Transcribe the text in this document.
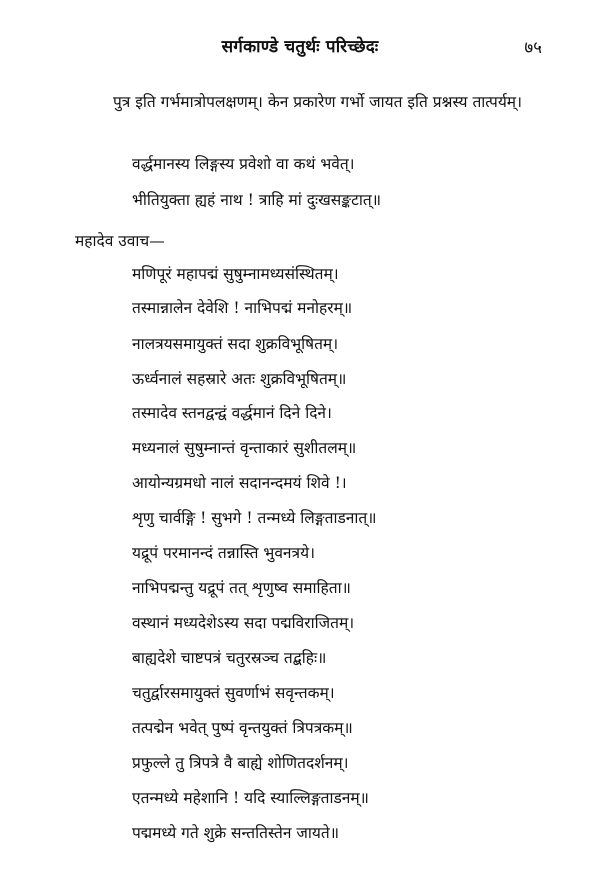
सर्गकाण्डे चतुर्थः परिच्छेदः	७५
पुत्र इति गर्भमात्रोपलक्षणम्। केन प्रकारेण गर्भो जायत इति प्रश्नस्य तात्पर्यम्।
वर्द्धमानस्य लिङ्गस्य प्रवेशो वा कथं भवेत्।
भीतियुक्ता ह्यहं नाथ ! त्राहि मां दुःखसङ्कटात्॥
महादेव उवाच—
मणिपूरं महापद्मं सुषुम्नामध्यसंस्थितम्।
तस्मान्नालेन देवेशि ! नाभिपद्मं मनोहरम्॥
नालत्रयसमायुक्तं सदा शुक्रविभूषितम्।
ऊर्ध्वनालं सहस्रारे अतः शुक्रविभूषितम्॥
तस्मादेव स्तनद्वन्द्वं वर्द्धमानं दिने दिने।
मध्यनालं सुषुम्नान्तं वृन्ताकारं सुशीतलम्॥
आयोन्यग्रमधो नालं सदानन्दमयं शिवे !।
शृणु चार्वङ्गि ! सुभगे ! तन्मध्ये लिङ्गताडनात्॥
यद्रूपं परमानन्दं तन्नास्ति भुवनत्रये।
नाभिपद्मन्तु यद्रूपं तत् शृणुष्व समाहिता॥
वस्थानं मध्यदेशेऽस्य सदा पद्मविराजितम्।
बाह्यदेशे चाष्टपत्रं चतुरस्रञ्च तद्बहिः॥
चतुर्द्वारसमायुक्तं सुवर्णाभं सवृन्तकम्।
तत्पद्मेन भवेत् पुष्पं वृन्तयुक्तं त्रिपत्रकम्॥
प्रफुल्ले तु त्रिपत्रे वै बाह्ये शोणितदर्शनम्।
एतन्मध्ये महेशानि ! यदि स्याल्लिङ्गताडनम्॥
पद्ममध्ये गते शुक्रे सन्ततिस्तेन जायते॥
